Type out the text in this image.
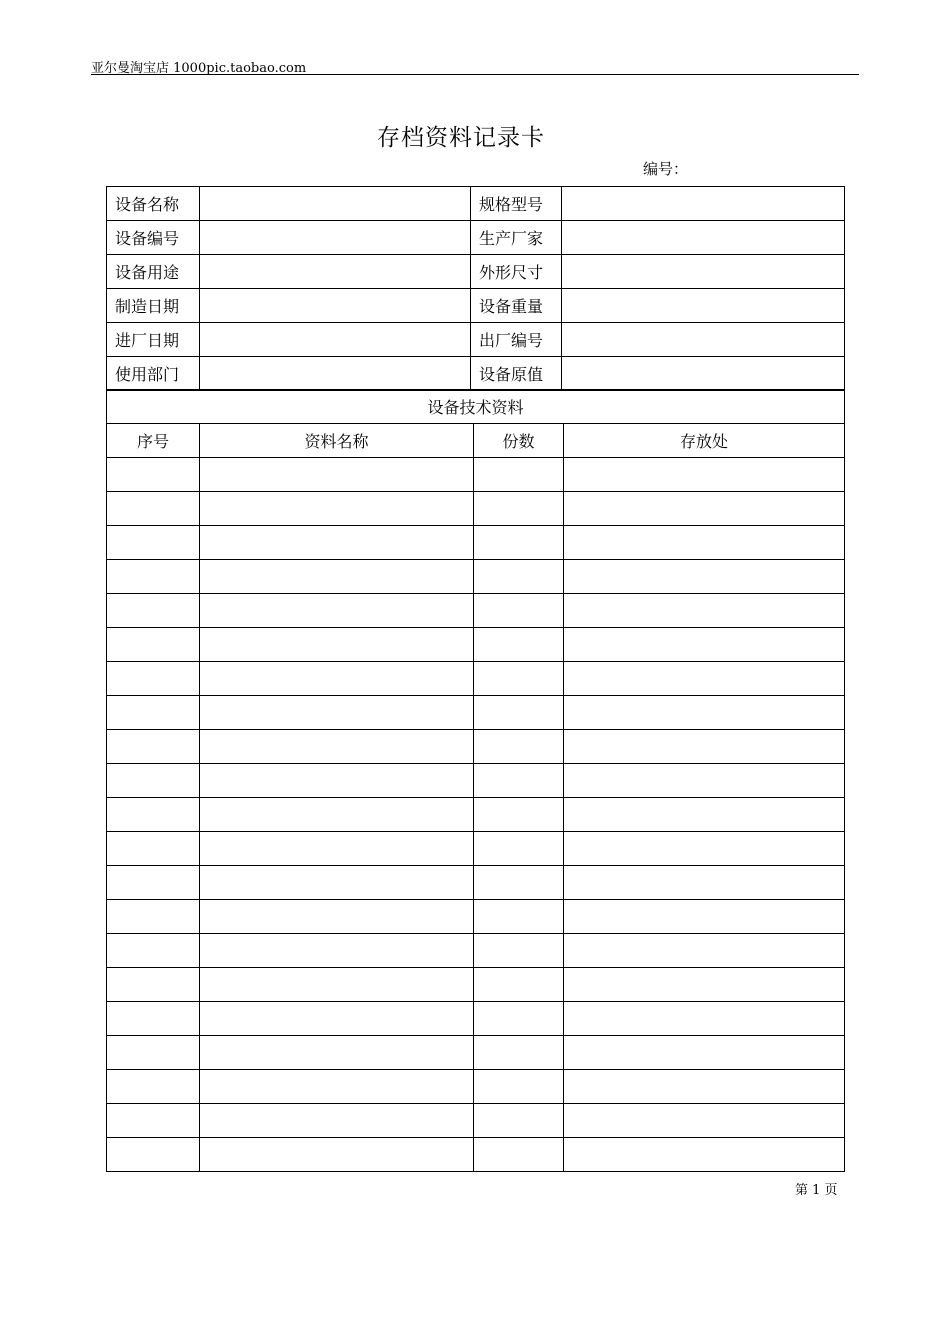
亚尔曼淘宝店 1000pic.taobao.com
存档资料记录卡
编号：
设备名称		规格型号	
设备编号		生产厂家	
设备用途		外形尺寸	
制造日期		设备重量	
进厂日期		出厂编号	
使用部门		设备原值	
设备技术资料			
序号	资料名称	份数	存放处

第 1 页
